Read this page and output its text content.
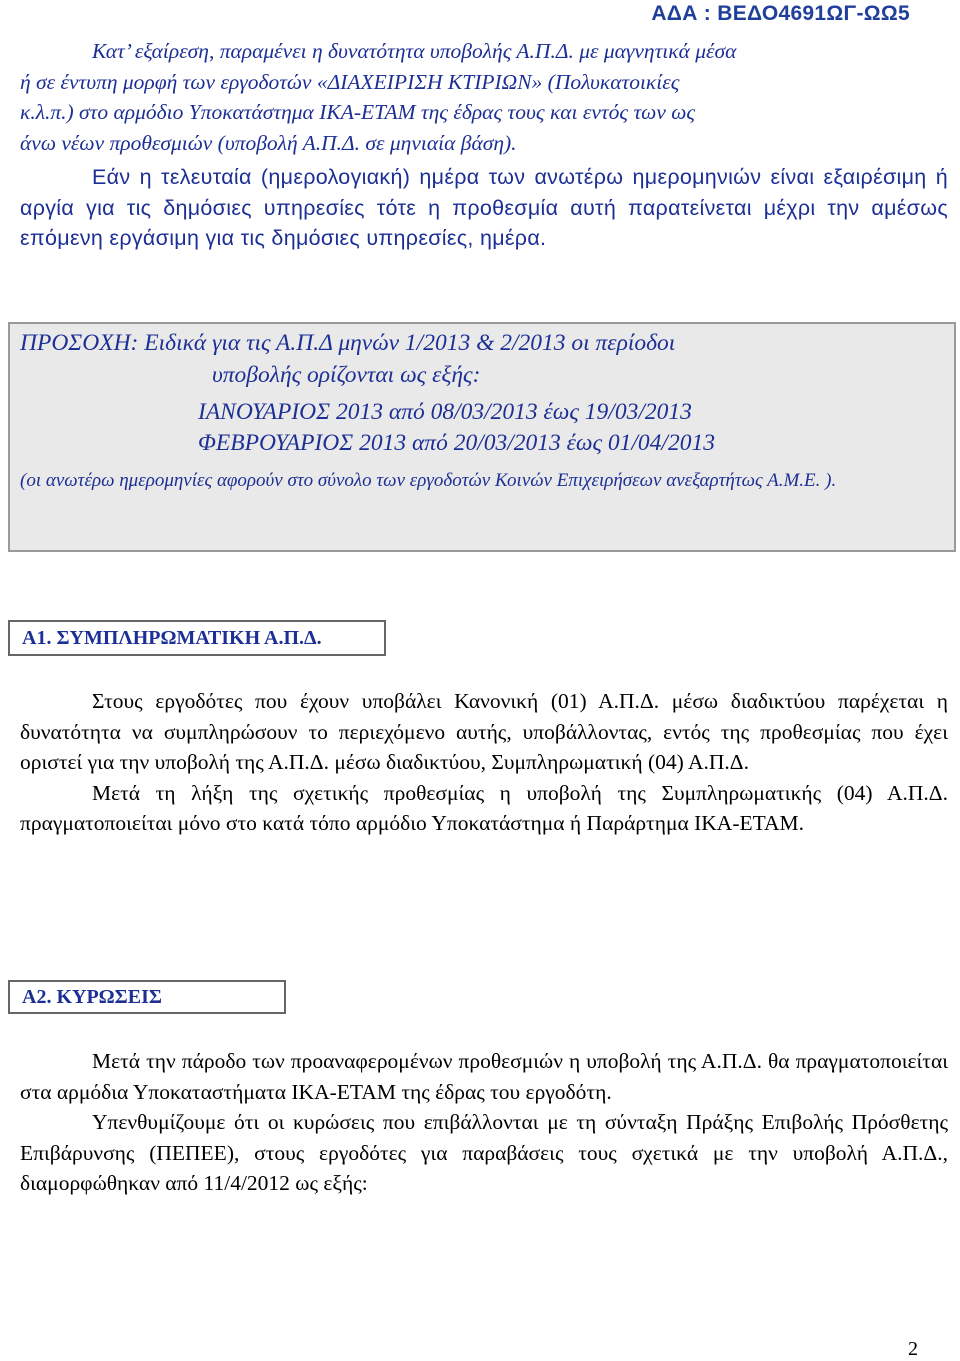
ΑΔΑ : ΒΕΔΟ4691ΩΓ-ΩΩ5
Κατ’ εξαίρεση, παραμένει η δυνατότητα υποβολής Α.Π.Δ. με μαγνητικά μέσα
ή σε έντυπη μορφή των εργοδοτών «ΔΙΑΧΕΙΡΙΣΗ ΚΤΙΡΙΩΝ» (Πολυκατοικίες
κ.λ.π.) στο αρμόδιο Υποκατάστημα ΙΚΑ-ΕΤΑΜ της έδρας τους και εντός των ως
άνω νέων προθεσμιών (υποβολή Α.Π.Δ. σε μηνιαία βάση).
Εάν η τελευταία (ημερολογιακή) ημέρα των ανωτέρω ημερομηνιών είναι εξαιρέσιμη ή αργία για τις δημόσιες υπηρεσίες τότε η προθεσμία αυτή παρατείνεται μέχρι την αμέσως επόμενη εργάσιμη για τις δημόσιες υπηρεσίες, ημέρα.
ΠΡΟΣΟΧΗ: Ειδικά για τις Α.Π.Δ μηνών 1/2013 & 2/2013 οι περίοδοι
υποβολής ορίζονται ως εξής:
ΙΑΝΟΥΑΡΙΟΣ 2013 από 08/03/2013 έως 19/03/2013
ΦΕΒΡΟΥΑΡΙΟΣ 2013 από 20/03/2013 έως 01/04/2013
(οι ανωτέρω ημερομηνίες αφορούν στο σύνολο των εργοδοτών Κοινών Επιχειρήσεων ανεξαρτήτως Α.Μ.Ε. ).
Α1. ΣΥΜΠΛΗΡΩΜΑΤΙΚΗ Α.Π.Δ.
Στους εργοδότες που έχουν υποβάλει Κανονική (01) Α.Π.Δ. μέσω διαδικτύου παρέχεται η δυνατότητα να συμπληρώσουν το περιεχόμενο αυτής, υποβάλλοντας, εντός της προθεσμίας που έχει οριστεί για την υποβολή της Α.Π.Δ. μέσω διαδικτύου, Συμπληρωματική (04) Α.Π.Δ.
Μετά τη λήξη της σχετικής προθεσμίας η υποβολή της Συμπληρωματικής (04) Α.Π.Δ. πραγματοποιείται μόνο στο κατά τόπο αρμόδιο Υποκατάστημα ή Παράρτημα ΙΚΑ-ΕΤΑΜ.
Α2. ΚΥΡΩΣΕΙΣ
Μετά την πάροδο των προαναφερομένων προθεσμιών η υποβολή της Α.Π.Δ. θα πραγματοποιείται στα αρμόδια Υποκαταστήματα ΙΚΑ-ΕΤΑΜ της έδρας του εργοδότη.
Υπενθυμίζουμε ότι οι κυρώσεις που επιβάλλονται με τη σύνταξη Πράξης Επιβολής Πρόσθετης Επιβάρυνσης (ΠΕΠΕΕ), στους εργοδότες για παραβάσεις τους σχετικά με την υποβολή Α.Π.Δ., διαμορφώθηκαν από 11/4/2012 ως εξής:
2
